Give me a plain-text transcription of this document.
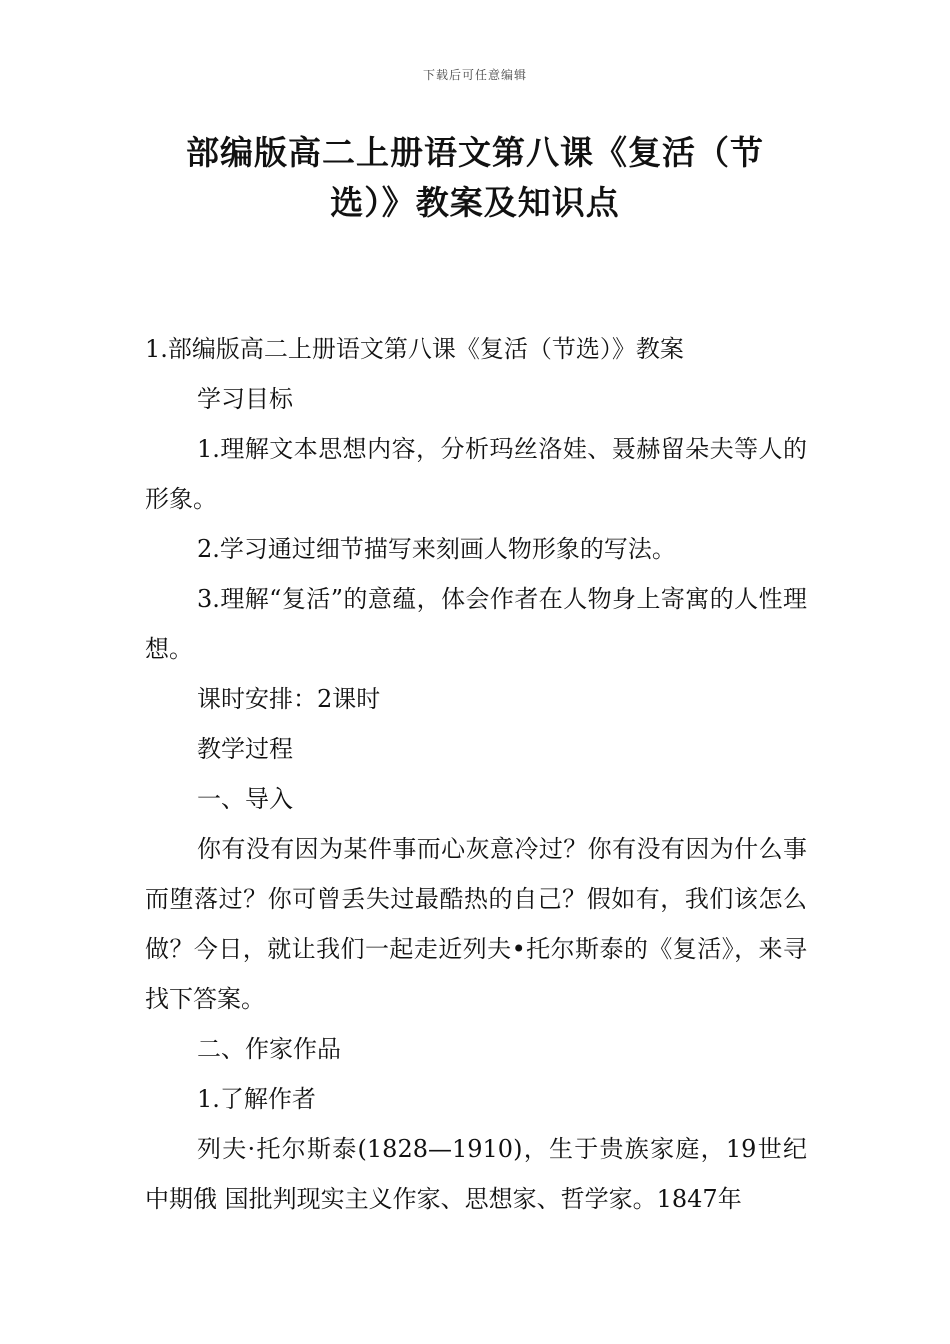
下载后可任意编辑
部编版高二上册语文第八课《复活（节
选）》教案及知识点

1.部编版高二上册语文第八课《复活（节选）》教案

学习目标

1.理解文本思想内容，分析玛丝洛娃、聂赫留朵夫等人的形象。

2.学习通过细节描写来刻画人物形象的写法。

3.理解“复活”的意蕴，体会作者在人物身上寄寓的人性理想。

课时安排：2课时

教学过程

一、导入

你有没有因为某件事而心灰意冷过？你有没有因为什么事而堕落过？你可曾丢失过最酷热的自己？假如有，我们该怎么做？今日，就让我们一起走近列夫•托尔斯泰的《复活》，来寻找下答案。

二、作家作品

1.了解作者

列夫·托尔斯泰(1828—1910)，生于贵族家庭，19世纪中期俄 国批判现实主义作家、思想家、哲学家。1847年
